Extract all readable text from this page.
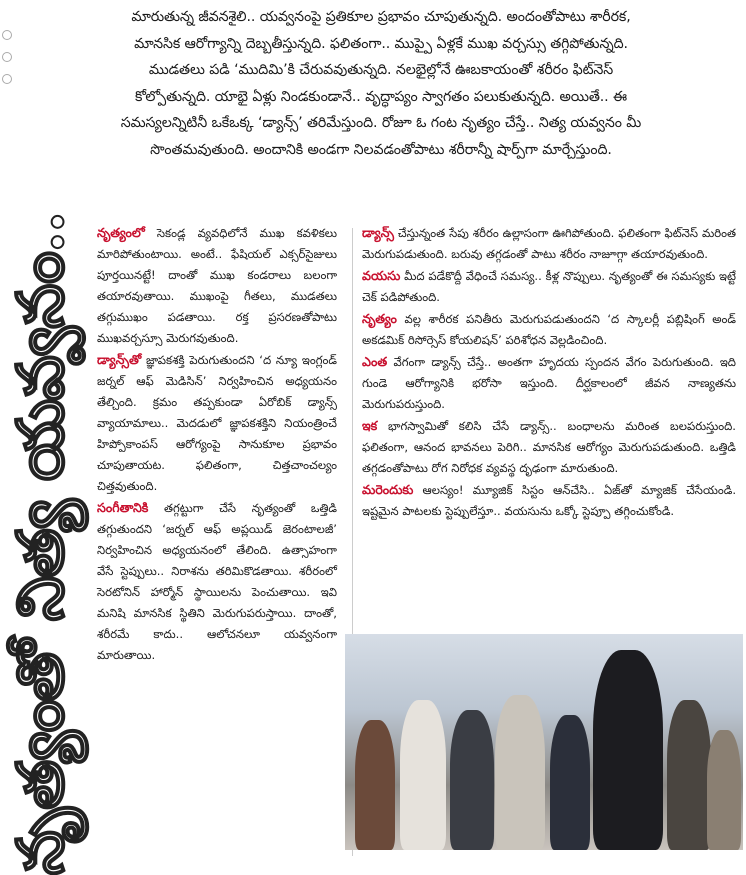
మారుతున్న జీవనశైలి.. యవ్వనంపై ప్రతికూల ప్రభావం చూపుతున్నది. అందంతోపాటు శారీరక,

మానసిక ఆరోగ్యాన్ని దెబ్బతీస్తున్నది. ఫలితంగా.. ముప్పై ఏళ్లకే ముఖ వర్చస్సు తగ్గిపోతున్నది.

ముడతలు పడి ‘ముదిమి’కి చేరువవుతున్నది. నలభైల్లోనే ఊబకాయంతో శరీరం ఫిట్‌నెస్

కోల్పోతున్నది. యాభై ఏళ్లు నిండకుండానే.. వృద్ధాప్యం స్వాగతం పలుకుతున్నది. అయితే.. ఈ

సమస్యలన్నిటినీ ఒకేఒక్క ‘డ్యాన్స్’ తరిమేస్తుంది. రోజూ ఓ గంట నృత్యం చేస్తే.. నిత్య యవ్వనం మీ

సొంతమవుతుంది. అందానికి అండగా నిలవడంతోపాటు శరీరాన్నీ షార్ప్‌గా మార్చేస్తుంది.

నృత్యంతో నిత్య యవ్వనం..	నృత్యంలో సెకండ్ల వ్యవధిలోనే ముఖ కవళికలు మారిపోతుంటాయి. అంటే.. ఫేషియల్ ఎక్సర్‌సైజులు పూర్తయినట్టే! దాంతో ముఖ కండరాలు బలంగా తయారవుతాయి. ముఖంపై గీతలు, ముడతలు తగ్గుముఖం పడతాయి. రక్త ప్రసరణతోపాటు ముఖవర్చస్సూ మెరుగవుతుంది.

డ్యాన్స్‌తో జ్ఞాపకశక్తి పెరుగుతుందని ‘ద న్యూ ఇంగ్లండ్ జర్నల్ ఆఫ్ మెడిసిన్’ నిర్వహించిన అధ్యయనం తేల్చింది. క్రమం తప్పకుండా ఏరోబిక్ డ్యాన్స్ వ్యాయామాలు.. మెదడులో జ్ఞాపకశక్తిని నియంత్రించే హిప్పోకాంపస్ ఆరోగ్యంపై సానుకూల ప్రభావం చూపుతాయట. ఫలితంగా, చిత్తచాంచల్యం చిత్తవుతుంది.

సంగీతానికి తగ్గట్టుగా చేసే నృత్యంతో ఒత్తిడి తగ్గుతుందని ‘జర్నల్ ఆఫ్ అప్లయిడ్ జెరంటాలజీ’ నిర్వహించిన అధ్యయనంలో తేలింది. ఉత్సాహంగా వేసే స్టెప్పులు.. నిరాశను తరిమికొడతాయి. శరీరంలో సెరటోనిన్ హార్మోన్ స్థాయిలను పెంచుతాయి. ఇవి మనిషి మానసిక స్థితిని మెరుగుపరుస్తాయి. దాంతో, శరీరమే కాదు.. ఆలోచనలూ యవ్వనంగా మారుతాయి.

డ్యాన్స్ చేస్తున్నంత సేపు శరీరం ఉల్లాసంగా ఊగిపోతుంది. ఫలితంగా ఫిట్‌నెస్ మరింత మెరుగుపడుతుంది. బరువు తగ్గడంతో పాటు శరీరం నాజూగ్గా తయారవుతుంది.

వయసు మీద పడేకొద్దీ వేధించే సమస్య.. కీళ్ల నొప్పులు. నృత్యంతో ఈ సమస్యకు ఇట్టే చెక్ పడిపోతుంది.

నృత్యం వల్ల శారీరక పనితీరు మెరుగుపడుతుందని ‘ద స్కాలర్లీ పబ్లిషింగ్ అండ్ అకడమిక్ రిసోర్సెస్ కోయలిషన్’ పరిశోధన వెల్లడించింది.

ఎంత వేగంగా డ్యాన్స్ చేస్తే.. అంతగా హృదయ స్పందన వేగం పెరుగుతుంది. ఇది గుండె ఆరోగ్యానికి భరోసా ఇస్తుంది. దీర్ఘకాలంలో జీవన నాణ్యతను మెరుగుపరుస్తుంది.

ఇక భాగస్వామితో కలిసి చేసే డ్యాన్స్.. బంధాలను మరింత బలపరుస్తుంది. ఫలితంగా, ఆనంద భావనలు పెరిగి.. మానసిక ఆరోగ్యం మెరుగుపడుతుంది. ఒత్తిడి తగ్గడంతోపాటు రోగ నిరోధక వ్యవస్థ దృఢంగా మారుతుంది.

మరెందుకు ఆలస్యం! మ్యూజిక్ సిస్టం ఆన్‌చేసి.. ఏజ్‌తో మ్యాజిక్ చేసేయండి. ఇష్టమైన పాటలకు స్టెప్పులేస్తూ.. వయసును ఒక్కో స్టెప్పూ తగ్గించుకోండి.
